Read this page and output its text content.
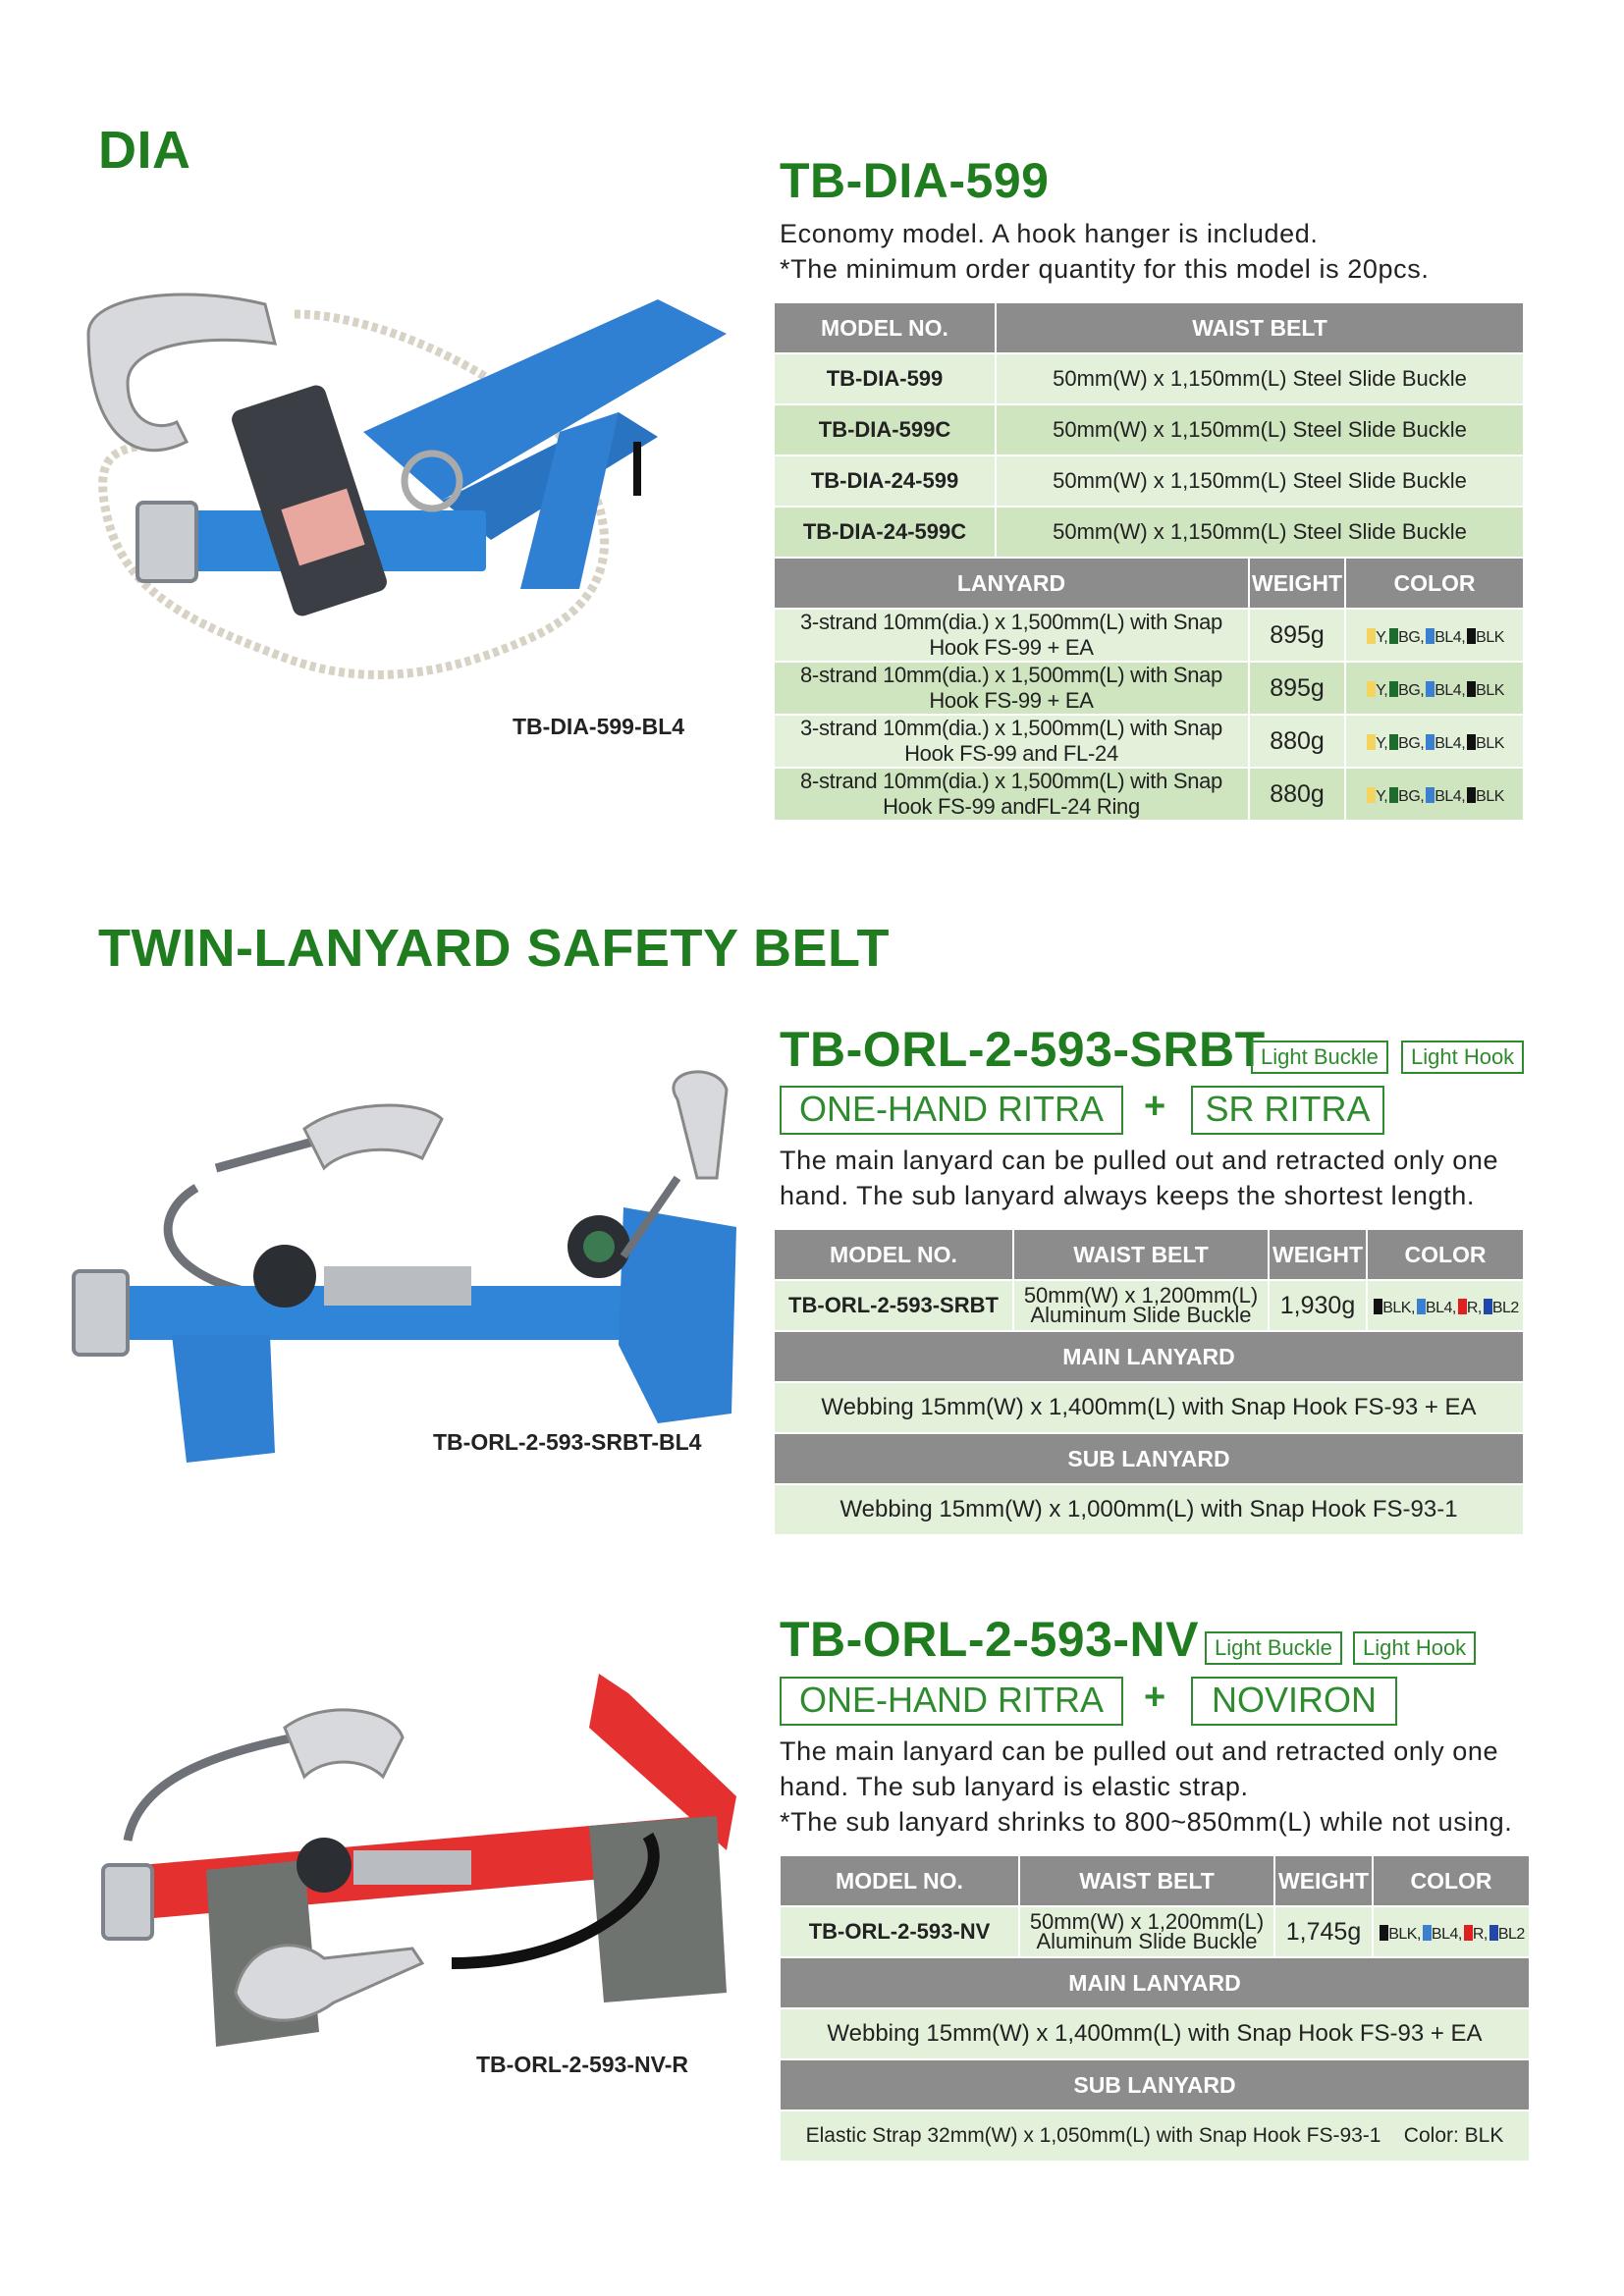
DIA
TB-DIA-599-BL4
TB-DIA-599
Economy model. A hook hanger is included.
*The minimum order quantity for this model is 20pcs.
MODEL NO.	WAIST BELT		
TB-DIA-599	50mm(W) x 1,150mm(L) Steel Slide Buckle		
TB-DIA-599C	50mm(W) x 1,150mm(L) Steel Slide Buckle		
TB-DIA-24-599	50mm(W) x 1,150mm(L) Steel Slide Buckle		
TB-DIA-24-599C	50mm(W) x 1,150mm(L) Steel Slide Buckle		
LANYARD		WEIGHT	COLOR
3-strand 10mm(dia.) x 1,500mm(L) with Snap Hook FS-99 + EA		895g	Y, BG, BL4, BLK
8-strand 10mm(dia.) x 1,500mm(L) with Snap Hook FS-99 + EA		895g	Y, BG, BL4, BLK
3-strand 10mm(dia.) x 1,500mm(L) with Snap Hook FS-99 and FL-24		880g	Y, BG, BL4, BLK
8-strand 10mm(dia.) x 1,500mm(L) with Snap Hook FS-99 andFL-24 Ring		880g	Y, BG, BL4, BLK
TWIN-LANYARD SAFETY BELT
TB-ORL-2-593-SRBT-BL4
TB-ORL-2-593-SRBT
Light Buckle	Light Hook
ONE-HAND RITRA	+	SR RITRA
The main lanyard can be pulled out and retracted only one
hand. The sub lanyard always keeps the shortest length.
MODEL NO.	WAIST BELT	WEIGHT	COLOR
TB-ORL-2-593-SRBT	50mm(W) x 1,200mm(L)
Aluminum Slide Buckle	1,930g	BLK, BL4, R, BL2
MAIN LANYARD			
Webbing 15mm(W) x 1,400mm(L) with Snap Hook FS-93 + EA			
SUB LANYARD			
Webbing 15mm(W) x 1,000mm(L) with Snap Hook FS-93-1			
TB-ORL-2-593-NV-R
TB-ORL-2-593-NV Light Buckle	Light Hook
ONE-HAND RITRA	+	NOVIRON
The main lanyard can be pulled out and retracted only one
hand. The sub lanyard is elastic strap.
*The sub lanyard shrinks to 800~850mm(L) while not using.
MODEL NO.	WAIST BELT	WEIGHT	COLOR
TB-ORL-2-593-NV	50mm(W) x 1,200mm(L)
Aluminum Slide Buckle	1,745g	BLK, BL4, R, BL2
MAIN LANYARD			
Webbing 15mm(W) x 1,400mm(L) with Snap Hook FS-93 + EA			
SUB LANYARD			
Elastic Strap 32mm(W) x 1,050mm(L) with Snap Hook FS-93-1    Color: BLK			
